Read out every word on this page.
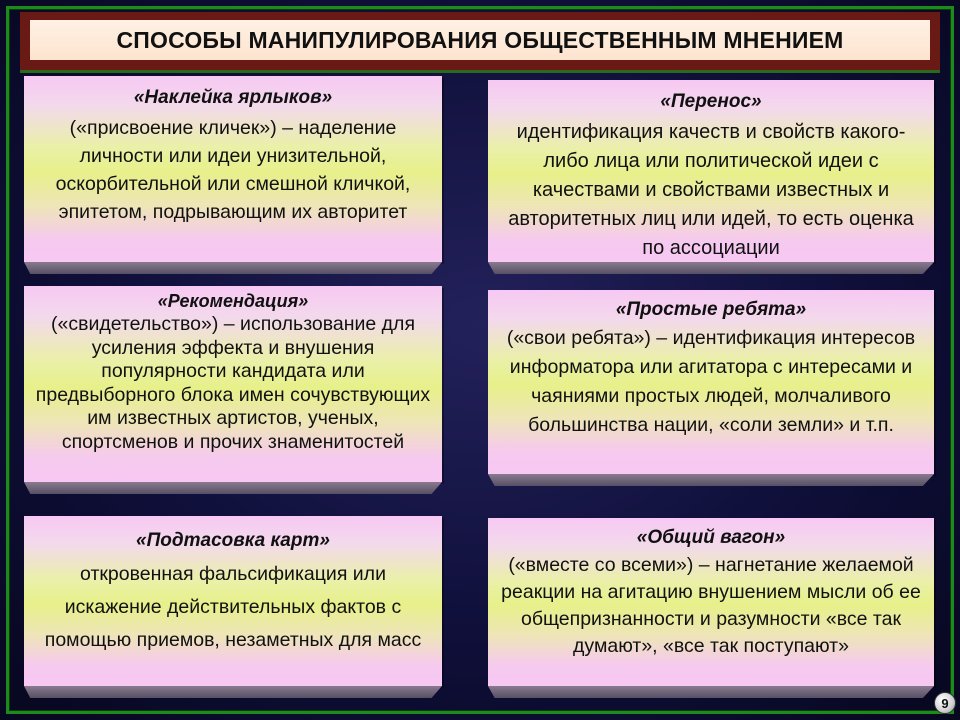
СПОСОБЫ МАНИПУЛИРОВАНИЯ ОБЩЕСТВЕННЫМ МНЕНИЕМ
«Наклейка ярлыков»
(«присвоение кличек») – наделение личности или идеи унизительной, оскорбительной или смешной кличкой, эпитетом, подрывающим их авторитет
«Перенос»
идентификация качеств и свойств какого-либо лица или политической идеи с качествами и свойствами известных и авторитетных лиц или идей, то есть оценка по ассоциации
«Рекомендация»
(«свидетельство») – использование для усиления эффекта и внушения популярности кандидата или предвыборного блока имен сочувствующих им известных артистов, ученых, спортсменов и прочих знаменитостей
«Простые ребята»
(«свои ребята») – идентификация интересов информатора или агитатора с интересами и чаяниями простых людей, молчаливого большинства нации, «соли земли» и т.п.
«Подтасовка карт»
откровенная фальсификация или искажение действительных фактов с помощью приемов, незаметных для масс
«Общий вагон»
(«вместе со всеми») – нагнетание желаемой реакции на агитацию внушением мысли об ее общепризнанности и разумности «все так думают», «все так поступают»
9
